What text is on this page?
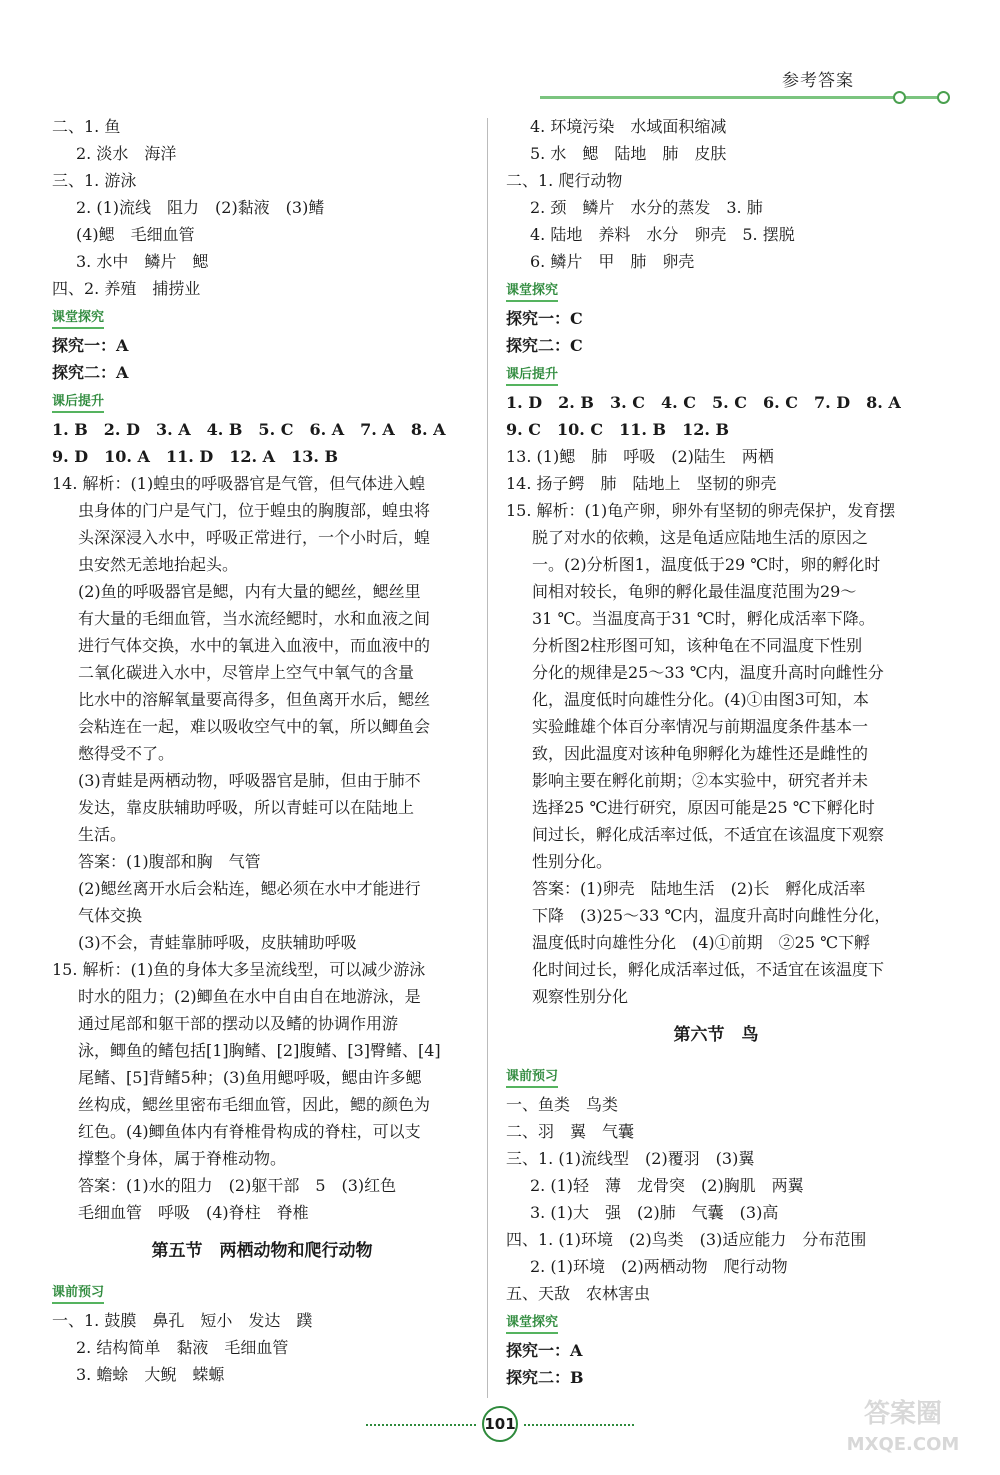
参考答案
二、1. 鱼
2. 淡水　海洋
三、1. 游泳
2. (1)流线　阻力　(2)黏液　(3)鳍
(4)鳃　毛细血管
3. 水中　鳞片　鳃
四、2. 养殖　捕捞业
课堂探究
探究一：A
探究二：A
课后提升
1. B　2. D　3. A　4. B　5. C　6. A　7. A　8. A
9. D　10. A　11. D　12. A　13. B
14. 解析：(1)蝗虫的呼吸器官是气管，但气体进入蝗
虫身体的门户是气门，位于蝗虫的胸腹部，蝗虫将
头深深浸入水中，呼吸正常进行，一个小时后，蝗
虫安然无恙地抬起头。
(2)鱼的呼吸器官是鳃，内有大量的鳃丝，鳃丝里
有大量的毛细血管，当水流经鳃时，水和血液之间
进行气体交换，水中的氧进入血液中，而血液中的
二氧化碳进入水中，尽管岸上空气中氧气的含量
比水中的溶解氧量要高得多，但鱼离开水后，鳃丝
会粘连在一起，难以吸收空气中的氧，所以鲫鱼会
憋得受不了。
(3)青蛙是两栖动物，呼吸器官是肺，但由于肺不
发达，靠皮肤辅助呼吸，所以青蛙可以在陆地上
生活。
答案：(1)腹部和胸　气管
(2)鳃丝离开水后会粘连，鳃必须在水中才能进行
气体交换
(3)不会，青蛙靠肺呼吸，皮肤辅助呼吸
15. 解析：(1)鱼的身体大多呈流线型，可以减少游泳
时水的阻力；(2)鲫鱼在水中自由自在地游泳，是
通过尾部和躯干部的摆动以及鳍的协调作用游
泳，鲫鱼的鳍包括[1]胸鳍、[2]腹鳍、[3]臀鳍、[4]
尾鳍、[5]背鳍5种；(3)鱼用鳃呼吸，鳃由许多鳃
丝构成，鳃丝里密布毛细血管，因此，鳃的颜色为
红色。(4)鲫鱼体内有脊椎骨构成的脊柱，可以支
撑整个身体，属于脊椎动物。
答案：(1)水的阻力　(2)躯干部　5　(3)红色
毛细血管　呼吸　(4)脊柱　脊椎
第五节　两栖动物和爬行动物
课前预习
一、1. 鼓膜　鼻孔　短小　发达　蹼
2. 结构简单　黏液　毛细血管
3. 蟾蜍　大鲵　蝾螈
4. 环境污染　水域面积缩减
5. 水　鳃　陆地　肺　皮肤
二、1. 爬行动物
2. 颈　鳞片　水分的蒸发　3. 肺
4. 陆地　养料　水分　卵壳　5. 摆脱
6. 鳞片　甲　肺　卵壳
课堂探究
探究一：C
探究二：C
课后提升
1. D　2. B　3. C　4. C　5. C　6. C　7. D　8. A
9. C　10. C　11. B　12. B
13. (1)鳃　肺　呼吸　(2)陆生　两栖
14. 扬子鳄　肺　陆地上　坚韧的卵壳
15. 解析：(1)龟产卵，卵外有坚韧的卵壳保护，发育摆
脱了对水的依赖，这是龟适应陆地生活的原因之
一。(2)分析图1，温度低于29 ℃时，卵的孵化时
间相对较长，龟卵的孵化最佳温度范围为29～
31 ℃。当温度高于31 ℃时，孵化成活率下降。
分析图2柱形图可知，该种龟在不同温度下性别
分化的规律是25～33 ℃内，温度升高时向雌性分
化，温度低时向雄性分化。(4)①由图3可知，本
实验雌雄个体百分率情况与前期温度条件基本一
致，因此温度对该种龟卵孵化为雄性还是雌性的
影响主要在孵化前期；②本实验中，研究者并未
选择25 ℃进行研究，原因可能是25 ℃下孵化时
间过长，孵化成活率过低，不适宜在该温度下观察
性别分化。
答案：(1)卵壳　陆地生活　(2)长　孵化成活率
下降　(3)25～33 ℃内，温度升高时向雌性分化，
温度低时向雄性分化　(4)①前期　②25 ℃下孵
化时间过长，孵化成活率过低，不适宜在该温度下
观察性别分化
第六节　鸟
课前预习
一、鱼类　鸟类
二、羽　翼　气囊
三、1. (1)流线型　(2)覆羽　(3)翼
2. (1)轻　薄　龙骨突　(2)胸肌　两翼
3. (1)大　强　(2)肺　气囊　(3)高
四、1. (1)环境　(2)鸟类　(3)适应能力　分布范围
2. (1)环境　(2)两栖动物　爬行动物
五、天敌　农林害虫
课堂探究
探究一：A
探究二：B
101	答案圈
MXQE.COM
